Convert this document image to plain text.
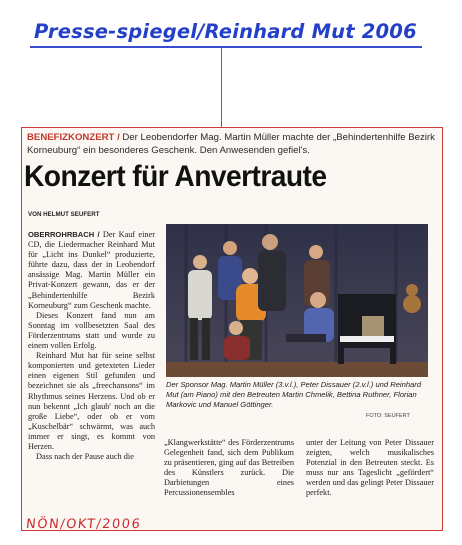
Presse-spiegel/Reinhard Mut 2006
BENEFIZKONZERT / Der Leobendorfer Mag. Martin Müller machte der „Behindertenhilfe Bezirk Korneuburg“ ein besonderes Geschenk. Den Anwesenden gefiel's.
Konzert für Anvertraute
VON HELMUT SEUFERT

OBERROHRBACH / Der Kauf einer CD, die Liedermacher Reinhard Mut für „Licht ins Dunkel“ produzierte, führte dazu, dass der in Leobendorf ansässige Mag. Martin Müller ein Privat-Konzert gewann, das er der „Behindertenhilfe Bezirk Korneuburg“ zum Geschenk machte.

Dieses Konzert fand nun am Sonntag im vollbesetzten Saal des Förderzentrums statt und wurde zu einem vollen Erfolg.

Reinhard Mut hat für seine selbst komponierten und getexteten Lieder einen eigenen Stil gefunden und bezeichnet sie als „freechansons“ im Rhythmus seines Herzens. Und ob er nun bekennt „Ich glaub' noch an die große Liebe“, oder ob er vom „Kuschelbär“ schwärmt, was auch immer er singt, es kommt von Herzen.

Dass nach der Pause auch die

Der Sponsor Mag. Martin Müller (3.v.l.), Peter Dissauer (2.v.l.) und Reinhard Mut (am Piano) mit den Betreuten Martin Chmelik, Bettina Ruthner, Florian Markovic und Manuel Göttinger.
FOTO: SEUFERT

„Klangwerkstätte“ des Förderzentrums Gelegenheit fand, sich dem Publikum zu präsentieren, ging auf das Betreiben des Künstlers zurück. Die Darbietungen eines Percussionensembles

unter der Leitung von Peter Dissauer zeigten, welch musikalisches Potenzial in den Betreuten steckt. Es muss nur ans Tageslicht „gefördert“ werden und das gelingt Peter Dissauer perfekt.

NÖN/OKT/2006
